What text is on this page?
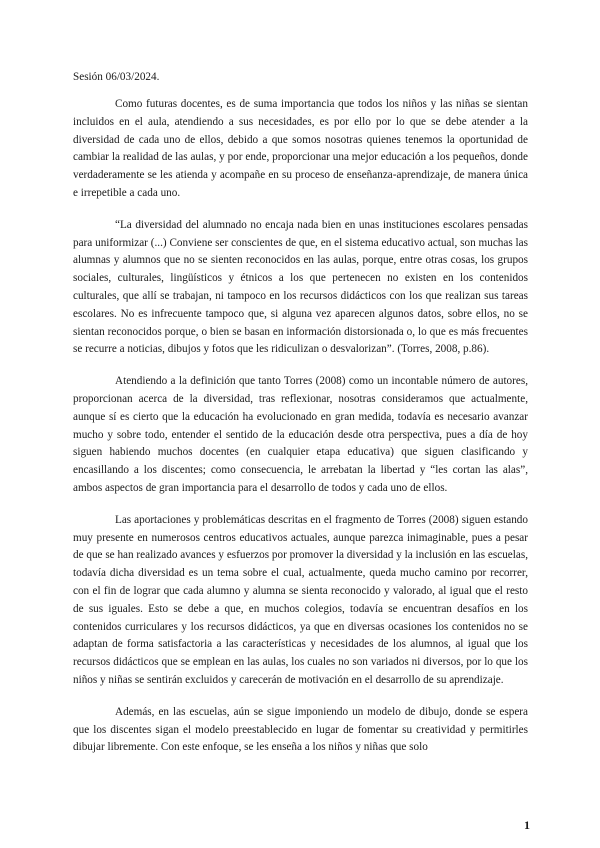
Sesión 06/03/2024.

Como futuras docentes, es de suma importancia que todos los niños y las niñas se sientan incluidos en el aula, atendiendo a sus necesidades, es por ello por lo que se debe atender a la diversidad de cada uno de ellos, debido a que somos nosotras quienes tenemos la oportunidad de cambiar la realidad de las aulas, y por ende, proporcionar una mejor educación a los pequeños, donde verdaderamente se les atienda y acompañe en su proceso de enseñanza-aprendizaje, de manera única e irrepetible a cada uno.

“La diversidad del alumnado no encaja nada bien en unas instituciones escolares pensadas para uniformizar (...) Conviene ser conscientes de que, en el sistema educativo actual, son muchas las alumnas y alumnos que no se sienten reconocidos en las aulas, porque, entre otras cosas, los grupos sociales, culturales, lingüísticos y étnicos a los que pertenecen no existen en los contenidos culturales, que allí se trabajan, ni tampoco en los recursos didácticos con los que realizan sus tareas escolares. No es infrecuente tampoco que, si alguna vez aparecen algunos datos, sobre ellos, no se sientan reconocidos porque, o bien se basan en información distorsionada o, lo que es más frecuentes se recurre a noticias, dibujos y fotos que les ridiculizan o desvalorizan”. (Torres, 2008, p.86).

Atendiendo a la definición que tanto Torres (2008) como un incontable número de autores, proporcionan acerca de la diversidad, tras reflexionar, nosotras consideramos que actualmente, aunque sí es cierto que la educación ha evolucionado en gran medida, todavía es necesario avanzar mucho y sobre todo, entender el sentido de la educación desde otra perspectiva, pues a día de hoy siguen habiendo muchos docentes (en cualquier etapa educativa) que siguen clasificando y encasillando a los discentes; como consecuencia, le arrebatan la libertad y “les cortan las alas”, ambos aspectos de gran importancia para el desarrollo de todos y cada uno de ellos.

Las aportaciones y problemáticas descritas en el fragmento de Torres (2008) siguen estando muy presente en numerosos centros educativos actuales, aunque parezca inimaginable, pues a pesar de que se han realizado avances y esfuerzos por promover la diversidad y la inclusión en las escuelas, todavía dicha diversidad es un tema sobre el cual, actualmente, queda mucho camino por recorrer, con el fin de lograr que cada alumno y alumna se sienta reconocido y valorado, al igual que el resto de sus iguales. Esto se debe a que, en muchos colegios, todavía se encuentran desafíos en los contenidos curriculares y los recursos didácticos, ya que en diversas ocasiones los contenidos no se adaptan de forma satisfactoria a las características y necesidades de los alumnos, al igual que los recursos didácticos que se emplean en las aulas, los cuales no son variados ni diversos, por lo que los niños y niñas se sentirán excluidos y carecerán de motivación en el desarrollo de su aprendizaje.

Además, en las escuelas, aún se sigue imponiendo un modelo de dibujo, donde se espera que los discentes sigan el modelo preestablecido en lugar de fomentar su creatividad y permitirles dibujar libremente. Con este enfoque, se les enseña a los niños y niñas que solo

1
